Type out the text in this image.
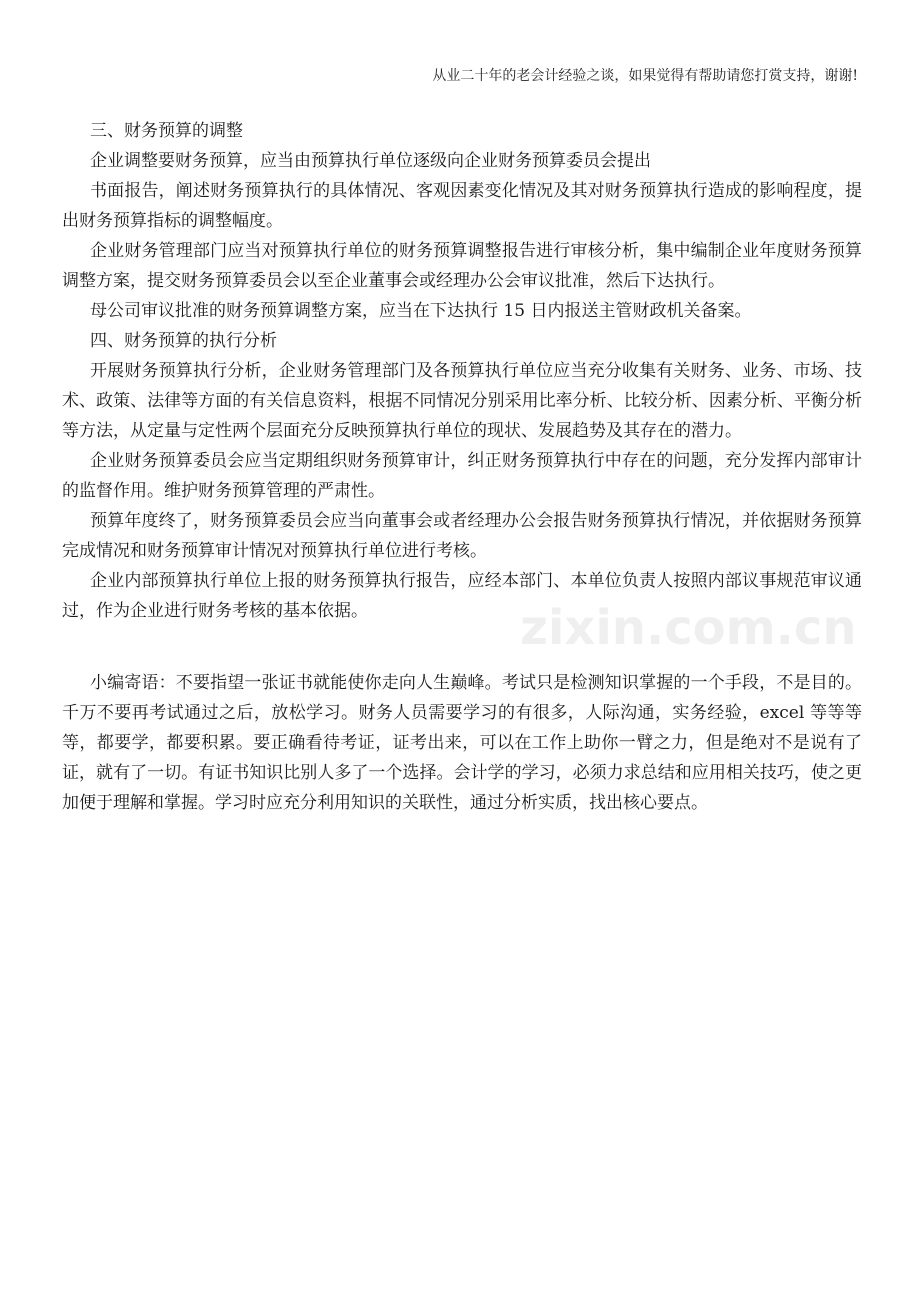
从业二十年的老会计经验之谈，如果觉得有帮助请您打赏支持，谢谢!
zixin.com.cn

三、财务预算的调整

企业调整要财务预算，应当由预算执行单位逐级向企业财务预算委员会提出

书面报告，阐述财务预算执行的具体情况、客观因素变化情况及其对财务预算执行造成的影响程度，提出财务预算指标的调整幅度。

企业财务管理部门应当对预算执行单位的财务预算调整报告进行审核分析，集中编制企业年度财务预算调整方案，提交财务预算委员会以至企业董事会或经理办公会审议批准，然后下达执行。

母公司审议批准的财务预算调整方案，应当在下达执行 15 日内报送主管财政机关备案。

四、财务预算的执行分析

开展财务预算执行分析，企业财务管理部门及各预算执行单位应当充分收集有关财务、业务、市场、技术、政策、法律等方面的有关信息资料，根据不同情况分别采用比率分析、比较分析、因素分析、平衡分析等方法，从定量与定性两个层面充分反映预算执行单位的现状、发展趋势及其存在的潜力。

企业财务预算委员会应当定期组织财务预算审计，纠正财务预算执行中存在的问题，充分发挥内部审计的监督作用。维护财务预算管理的严肃性。

预算年度终了，财务预算委员会应当向董事会或者经理办公会报告财务预算执行情况，并依据财务预算完成情况和财务预算审计情况对预算执行单位进行考核。

企业内部预算执行单位上报的财务预算执行报告，应经本部门、本单位负责人按照内部议事规范审议通过，作为企业进行财务考核的基本依据。

小编寄语：不要指望一张证书就能使你走向人生巅峰。考试只是检测知识掌握的一个手段，不是目的。千万不要再考试通过之后，放松学习。财务人员需要学习的有很多，人际沟通，实务经验，excel 等等等等，都要学，都要积累。要正确看待考证，证考出来，可以在工作上助你一臂之力，但是绝对不是说有了证，就有了一切。有证书知识比别人多了一个选择。会计学的学习，必须力求总结和应用相关技巧，使之更加便于理解和掌握。学习时应充分利用知识的关联性，通过分析实质，找出核心要点。
